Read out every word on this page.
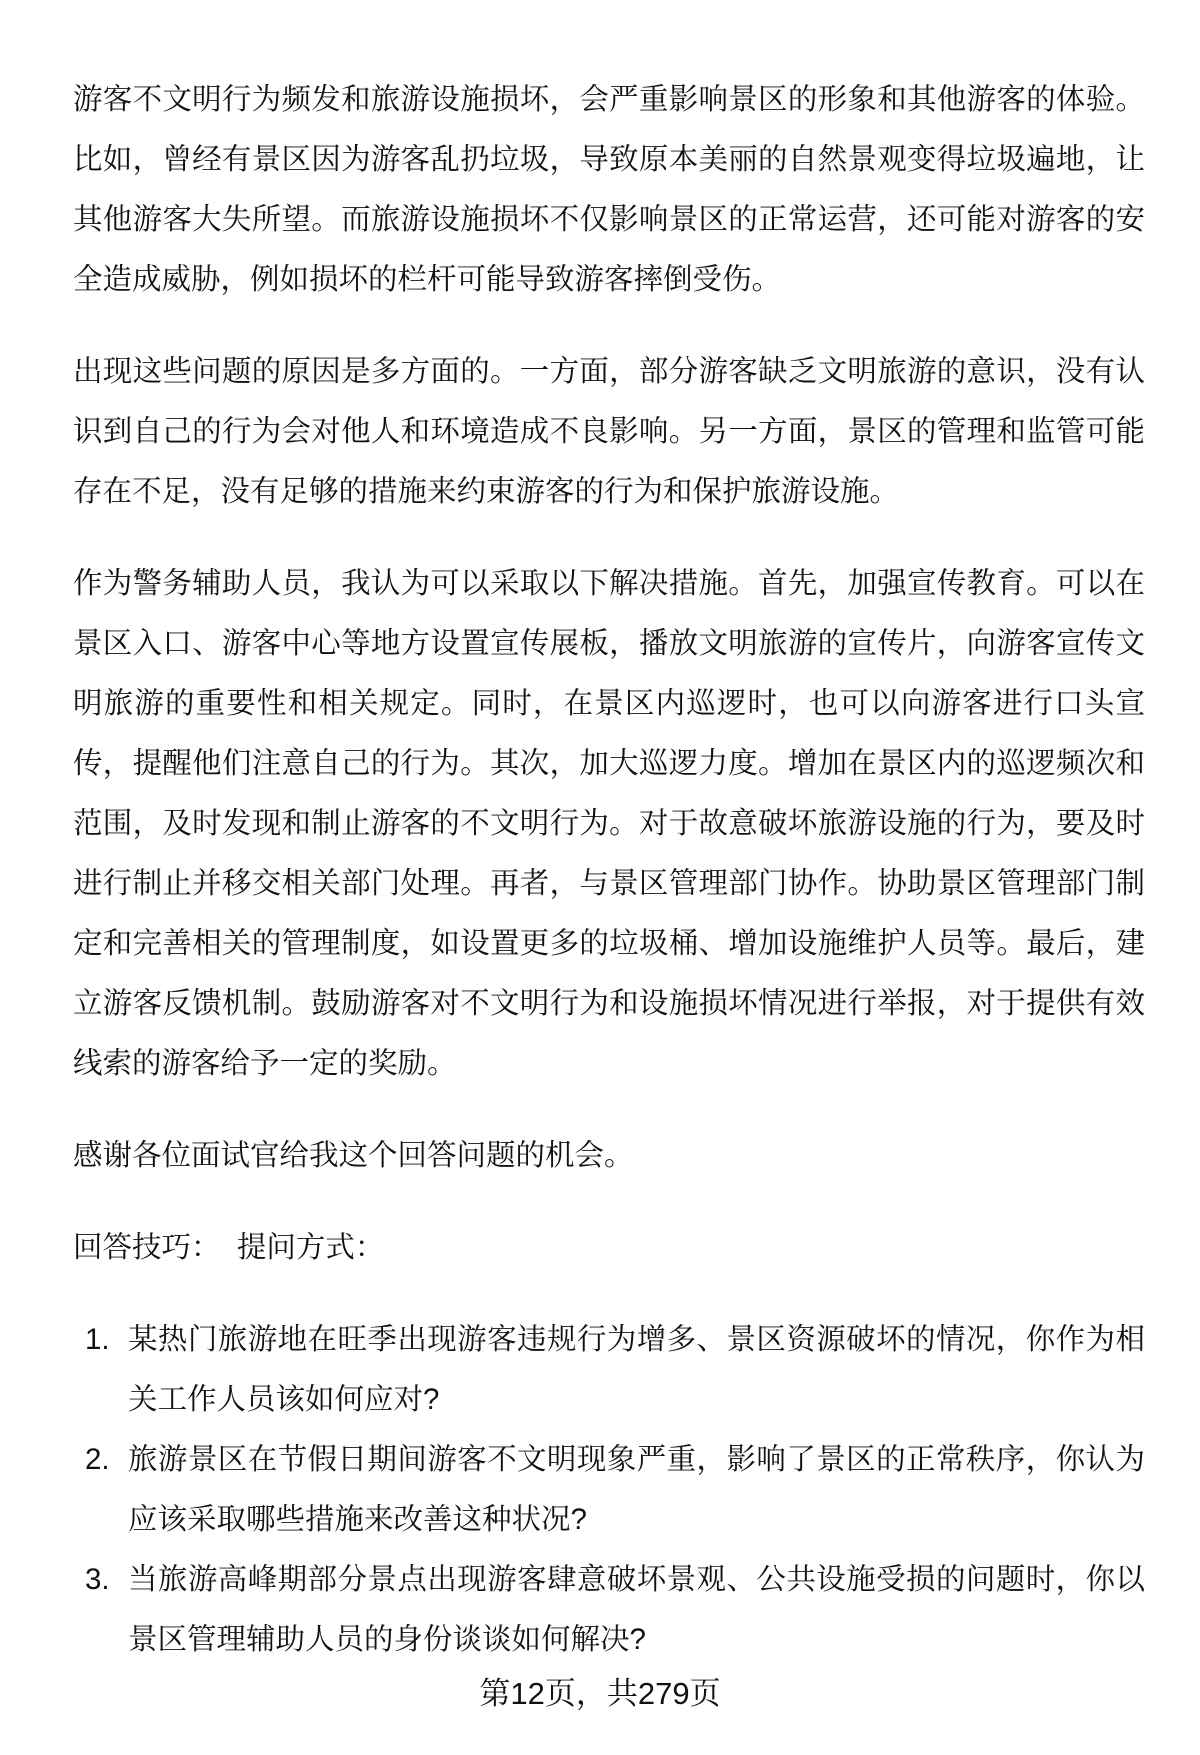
游客不文明行为频发和旅游设施损坏，会严重影响景区的形象和其他游客的体验。比如，曾经有景区因为游客乱扔垃圾，导致原本美丽的自然景观变得垃圾遍地，让其他游客大失所望。而旅游设施损坏不仅影响景区的正常运营，还可能对游客的安全造成威胁，例如损坏的栏杆可能导致游客摔倒受伤。

出现这些问题的原因是多方面的。一方面，部分游客缺乏文明旅游的意识，没有认识到自己的行为会对他人和环境造成不良影响。另一方面，景区的管理和监管可能存在不足，没有足够的措施来约束游客的行为和保护旅游设施。

作为警务辅助人员，我认为可以采取以下解决措施。首先，加强宣传教育。可以在景区入口、游客中心等地方设置宣传展板，播放文明旅游的宣传片，向游客宣传文明旅游的重要性和相关规定。同时，在景区内巡逻时，也可以向游客进行口头宣传，提醒他们注意自己的行为。其次，加大巡逻力度。增加在景区内的巡逻频次和范围，及时发现和制止游客的不文明行为。对于故意破坏旅游设施的行为，要及时进行制止并移交相关部门处理。再者，与景区管理部门协作。协助景区管理部门制定和完善相关的管理制度，如设置更多的垃圾桶、增加设施维护人员等。最后，建立游客反馈机制。鼓励游客对不文明行为和设施损坏情况进行举报，对于提供有效线索的游客给予一定的奖励。

感谢各位面试官给我这个回答问题的机会。

回答技巧：  提问方式：

1. 某热门旅游地在旺季出现游客违规行为增多、景区资源破坏的情况，你作为相关工作人员该如何应对?
2. 旅游景区在节假日期间游客不文明现象严重，影响了景区的正常秩序，你认为应该采取哪些措施来改善这种状况?
3. 当旅游高峰期部分景点出现游客肆意破坏景观、公共设施受损的问题时，你以景区管理辅助人员的身份谈谈如何解决?
第12页，共279页
